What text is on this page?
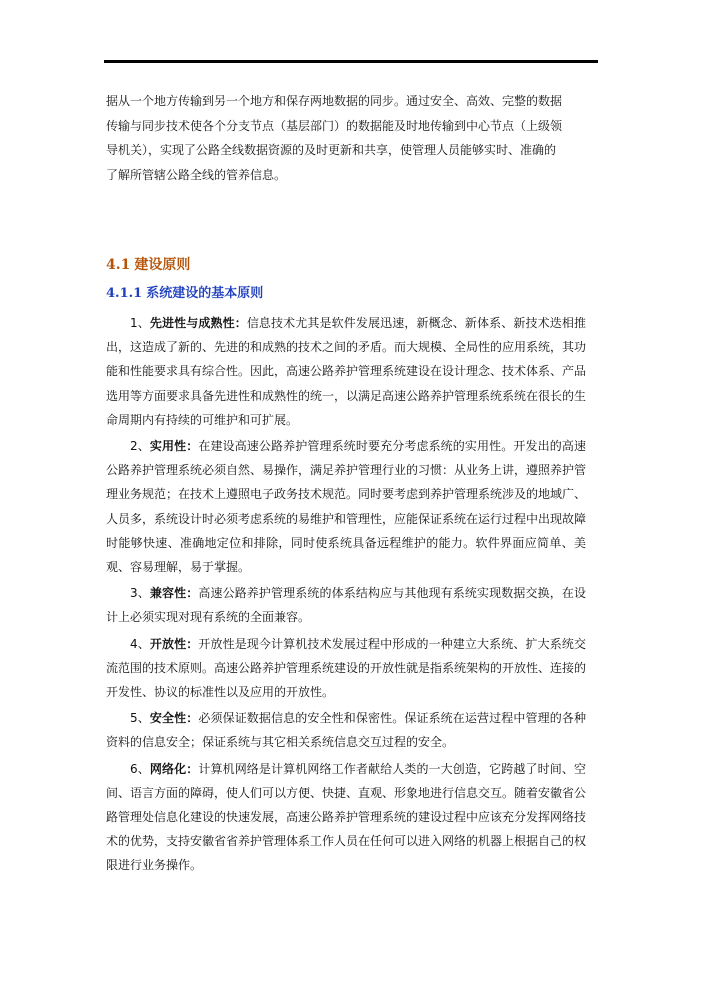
据从一个地方传输到另一个地方和保存两地数据的同步。通过安全、高效、完整的数据
传输与同步技术使各个分支节点（基层部门）的数据能及时地传输到中心节点（上级领
导机关），实现了公路全线数据资源的及时更新和共享，使管理人员能够实时、准确的
了解所管辖公路全线的管养信息。
4.1 建设原则
4.1.1 系统建设的基本原则

1、先进性与成熟性：信息技术尤其是软件发展迅速，新概念、新体系、新技术迭相推出，这造成了新的、先进的和成熟的技术之间的矛盾。而大规模、全局性的应用系统，其功能和性能要求具有综合性。因此，高速公路养护管理系统建设在设计理念、技术体系、产品选用等方面要求具备先进性和成熟性的统一，以满足高速公路养护管理系统系统在很长的生命周期内有持续的可维护和可扩展。

2、实用性：在建设高速公路养护管理系统时要充分考虑系统的实用性。开发出的高速公路养护管理系统必须自然、易操作，满足养护管理行业的习惯：从业务上讲，遵照养护管理业务规范；在技术上遵照电子政务技术规范。同时要考虑到养护管理系统涉及的地域广、人员多，系统设计时必须考虑系统的易维护和管理性，应能保证系统在运行过程中出现故障时能够快速、准确地定位和排除，同时使系统具备远程维护的能力。软件界面应简单、美观、容易理解，易于掌握。

3、兼容性：高速公路养护管理系统的体系结构应与其他现有系统实现数据交换，在设计上必须实现对现有系统的全面兼容。

4、开放性：开放性是现今计算机技术发展过程中形成的一种建立大系统、扩大系统交流范围的技术原则。高速公路养护管理系统建设的开放性就是指系统架构的开放性、连接的开发性、协议的标准性以及应用的开放性。

5、安全性：必须保证数据信息的安全性和保密性。保证系统在运营过程中管理的各种资料的信息安全；保证系统与其它相关系统信息交互过程的安全。

6、网络化：计算机网络是计算机网络工作者献给人类的一大创造，它跨越了时间、空间、语言方面的障碍，使人们可以方便、快捷、直观、形象地进行信息交互。随着安徽省公路管理处信息化建设的快速发展，高速公路养护管理系统的建设过程中应该充分发挥网络技术的优势，支持安徽省省养护管理体系工作人员在任何可以进入网络的机器上根据自己的权限进行业务操作。
